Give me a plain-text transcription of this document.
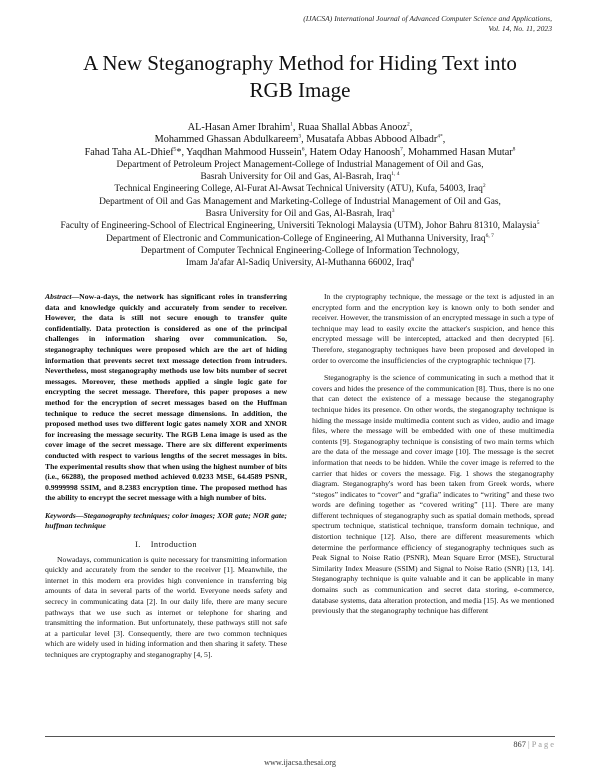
(IJACSA) International Journal of Advanced Computer Science and Applications,
Vol. 14, No. 11, 2023
A New Steganography Method for Hiding Text into
RGB Image
AL-Hasan Amer Ibrahim$^1$, Ruaa Shallal Abbas Anooz$^2$,
Mohammed Ghassan Abdulkareem$^3$, Musatafa Abbas Abbood Albadr$^{4*}$,
Fahad Taha AL-Dhief$^5$*, Yaqdhan Mahmood Hussein$^6$, Hatem Oday Hanoosh$^7$, Mohammed Hasan Mutar$^8$
Department of Petroleum Project Management-College of Industrial Management of Oil and Gas,
Basrah University for Oil and Gas, Al-Basrah, Iraq$^{1, 4}$
Technical Engineering College, Al-Furat Al-Awsat Technical University (ATU), Kufa, 54003, Iraq$^2$
Department of Oil and Gas Management and Marketing-College of Industrial Management of Oil and Gas,
Basra University for Oil and Gas, Al-Basrah, Iraq$^3$
Faculty of Engineering-School of Electrical Engineering, Universiti Teknologi Malaysia (UTM), Johor Bahru 81310, Malaysia$^5$
Department of Electronic and Communication-College of Engineering, Al Muthanna University, Iraq$^{6, 7}$
Department of Computer Technical Engineering-College of Information Technology,
Imam Ja'afar Al-Sadiq University, Al-Muthanna 66002, Iraq$^8$

Abstract—Now-a-days, the network has significant roles in transferring data and knowledge quickly and accurately from sender to receiver. However, the data is still not secure enough to transfer quite confidentially. Data protection is considered as one of the principal challenges in information sharing over communication. So, steganography techniques were proposed which are the art of hiding information that prevents secret text message detection from intruders. Nevertheless, most steganography methods use low bits number of secret messages. Moreover, these methods applied a single logic gate for encrypting the secret message. Therefore, this paper proposes a new method for the encryption of secret messages based on the Huffman technique to reduce the secret message dimensions. In addition, the proposed method uses two different logic gates namely XOR and XNOR for increasing the message security. The RGB Lena image is used as the cover image of the secret message. There are six different experiments conducted with respect to various lengths of the secret messages in bits. The experimental results show that when using the highest number of bits (i.e., 66288), the proposed method achieved 0.0233 MSE, 64.4589 PSNR, 0.9999998 SSIM, and 8.2383 encryption time. The proposed method has the ability to encrypt the secret message with a high number of bits.

Keywords—Steganography techniques; color images; XOR gate; NOR gate; huffman technique

I. Introduction

Nowadays, communication is quite necessary for transmitting information quickly and accurately from the sender to the receiver [1]. Meanwhile, the internet in this modern era provides high convenience in transferring big amounts of data in several parts of the world. Everyone needs safety and secrecy in communicating data [2]. In our daily life, there are many secure pathways that we use such as internet or telephone for sharing and transmitting the information. But unfortunately, these pathways still not safe at a particular level [3]. Consequently, there are two common techniques which are widely used in hiding information and then sharing it safety. These techniques are cryptography and steganography [4, 5].

In the cryptography technique, the message or the text is adjusted in an encrypted form and the encryption key is known only to both sender and receiver. However, the transmission of an encrypted message in such a type of technique may lead to easily excite the attacker's suspicion, and hence this encrypted message will be intercepted, attacked and then decrypted [6]. Therefore, steganography techniques have been proposed and developed in order to overcome the insufficiencies of the cryptographic technique [7].

Steganography is the science of communicating in such a method that it covers and hides the presence of the communication [8]. Thus, there is no one that can detect the existence of a message because the steganography technique hides its presence. On other words, the steganography technique is hiding the message inside multimedia content such as video, audio and image files, where the message will be embedded with one of these multimedia contents [9]. Steganography technique is consisting of two main terms which are the data of the message and cover image [10]. The message is the secret information that needs to be hidden. While the cover image is referred to the carrier that hides or covers the message. Fig. 1 shows the steganography diagram. Steganography's word has been taken from Greek words, where “stegos” indicates to “cover” and “grafia” indicates to “writing” and these two words are defining together as “covered writing” [11]. There are many different techniques of steganography such as spatial domain methods, spread spectrum technique, statistical technique, transform domain technique, and distortion technique [12]. Also, there are different measurements which determine the performance efficiency of steganography techniques such as Peak Signal to Noise Ratio (PSNR), Mean Square Error (MSE), Structural Similarity Index Measure (SSIM) and Signal to Noise Ratio (SNR) [13, 14]. Steganography technique is quite valuable and it can be applicable in many domains such as communication and secret data storing, e-commerce, database systems, data alteration protection, and media [15]. As we mentioned previously that the steganography technique has different

867 | P a g e
www.ijacsa.thesai.org
